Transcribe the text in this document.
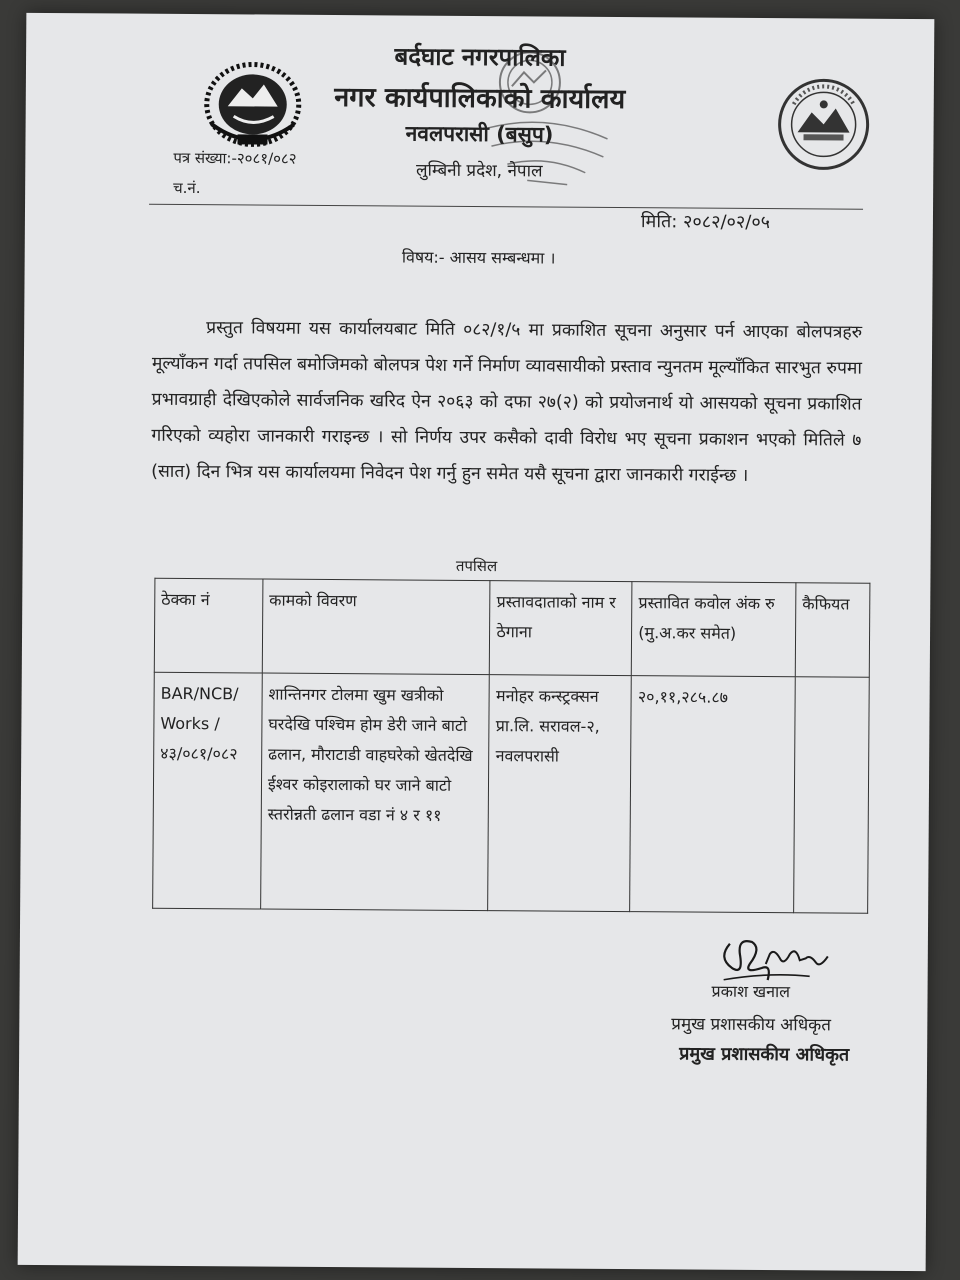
बर्दघाट नगरपालिका
नगर कार्यपालिकाको कार्यालय
नवलपरासी (बसुप)
लुम्बिनी प्रदेश, नेपाल
पत्र संख्या:-२०८१/०८२
च.नं.
मिति: २०८२/०२/०५
विषय:- आसय सम्बन्धमा ।
प्रस्तुत विषयमा यस कार्यालयबाट मिति ०८२/१/५ मा प्रकाशित सूचना अनुसार पर्न आएका बोलपत्रहरु मूल्याँकन गर्दा तपसिल बमोजिमको बोलपत्र पेश गर्ने निर्माण व्यावसायीको प्रस्ताव न्युनतम मूल्याँकित सारभुत रुपमा प्रभावग्राही देखिएकोले सार्वजनिक खरिद ऐन २०६३ को दफा २७(२) को प्रयोजनार्थ यो आसयको सूचना प्रकाशित गरिएको व्यहोरा जानकारी गराइन्छ । सो निर्णय उपर कसैको दावी विरोध भए सूचना प्रकाशन भएको मितिले ७ (सात) दिन भित्र यस कार्यालयमा निवेदन पेश गर्नु हुन समेत यसै सूचना द्वारा जानकारी गराईन्छ ।
तपसिल
ठेक्का नं	कामको विवरण	प्रस्तावदाताको नाम र ठेगाना	प्रस्तावित कवोल अंक रु (मु.अ.कर समेत)	कैफियत
BAR/NCB/ Works /४३/०८१/०८२	शान्तिनगर टोलमा खुम खत्रीको घरदेखि पश्चिम होम डेरी जाने बाटो ढलान, मौराटाडी वाहघरेको खेतदेखि ईश्वर कोइरालाको घर जाने बाटो स्तरोन्नती ढलान वडा नं ४ र ११	मनोहर कन्स्ट्रक्सन प्रा.लि. सरावल-२, नवलपरासी	२०,११,२८५.८७	
प्रकाश खनाल
प्रमुख प्रशासकीय अधिकृत
प्रमुख प्रशासकीय अधिकृत
